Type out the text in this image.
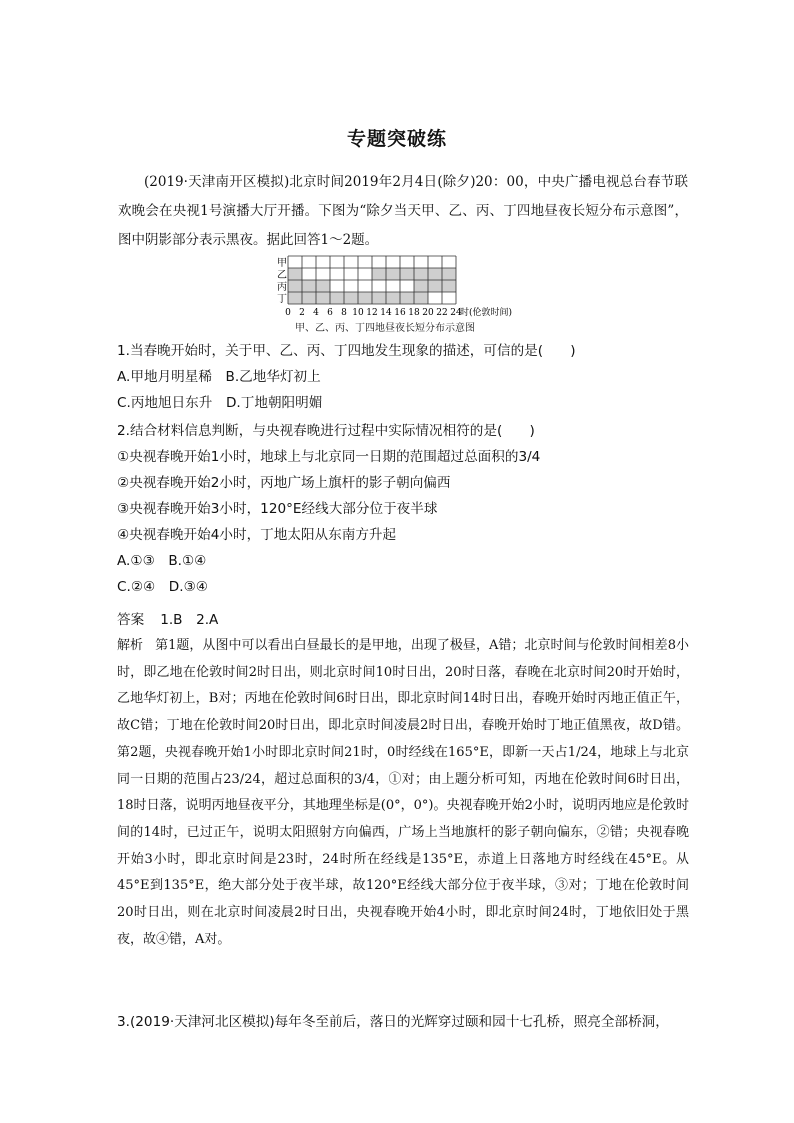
专题突破练
(2019·天津南开区模拟)北京时间2019年2月4日(除夕)20：00，中央广播电视总台春节联欢晚会在央视1号演播大厅开播。下图为“除夕当天甲、乙、丙、丁四地昼夜长短分布示意图”，图中阴影部分表示黑夜。据此回答1～2题。
甲
乙
丙
丁
0 2 4 6 8 10 12 14 16 18 20 22 24
时(伦敦时间)
甲、乙、丙、丁四地昼夜长短分布示意图
1.当春晚开始时，关于甲、乙、丙、丁四地发生现象的描述，可信的是(　　)
A.甲地月明星稀　B.乙地华灯初上
C.丙地旭日东升　D.丁地朝阳明媚
2.结合材料信息判断，与央视春晚进行过程中实际情况相符的是(　　)
①央视春晚开始1小时，地球上与北京同一日期的范围超过总面积的3/4
②央视春晚开始2小时，丙地广场上旗杆的影子朝向偏西
③央视春晚开始3小时，120°E经线大部分位于夜半球
④央视春晚开始4小时，丁地太阳从东南方升起
A.①③　B.①④
C.②④　D.③④
答案 1.B　2.A
解析 第1题，从图中可以看出白昼最长的是甲地，出现了极昼，A错；北京时间与伦敦时间相差8小时，即乙地在伦敦时间2时日出，则北京时间10时日出，20时日落，春晚在北京时间20时开始时，乙地华灯初上，B对；丙地在伦敦时间6时日出，即北京时间14时日出，春晚开始时丙地正值正午，故C错；丁地在伦敦时间20时日出，即北京时间凌晨2时日出，春晚开始时丁地正值黑夜，故D错。第2题，央视春晚开始1小时即北京时间21时，0时经线在165°E，即新一天占1/24，地球上与北京同一日期的范围占23/24，超过总面积的3/4，①对；由上题分析可知，丙地在伦敦时间6时日出，18时日落，说明丙地昼夜平分，其地理坐标是(0°，0°)。央视春晚开始2小时，说明丙地应是伦敦时间的14时，已过正午，说明太阳照射方向偏西，广场上当地旗杆的影子朝向偏东，②错；央视春晚开始3小时，即北京时间是23时，24时所在经线是135°E，赤道上日落地方时经线在45°E。从45°E到135°E，绝大部分处于夜半球，故120°E经线大部分位于夜半球，③对；丁地在伦敦时间20时日出，则在北京时间凌晨2时日出，央视春晚开始4小时，即北京时间24时，丁地依旧处于黑夜，故④错，A对。
3.(2019·天津河北区模拟)每年冬至前后，落日的光辉穿过颐和园十七孔桥，照亮全部桥洞，
